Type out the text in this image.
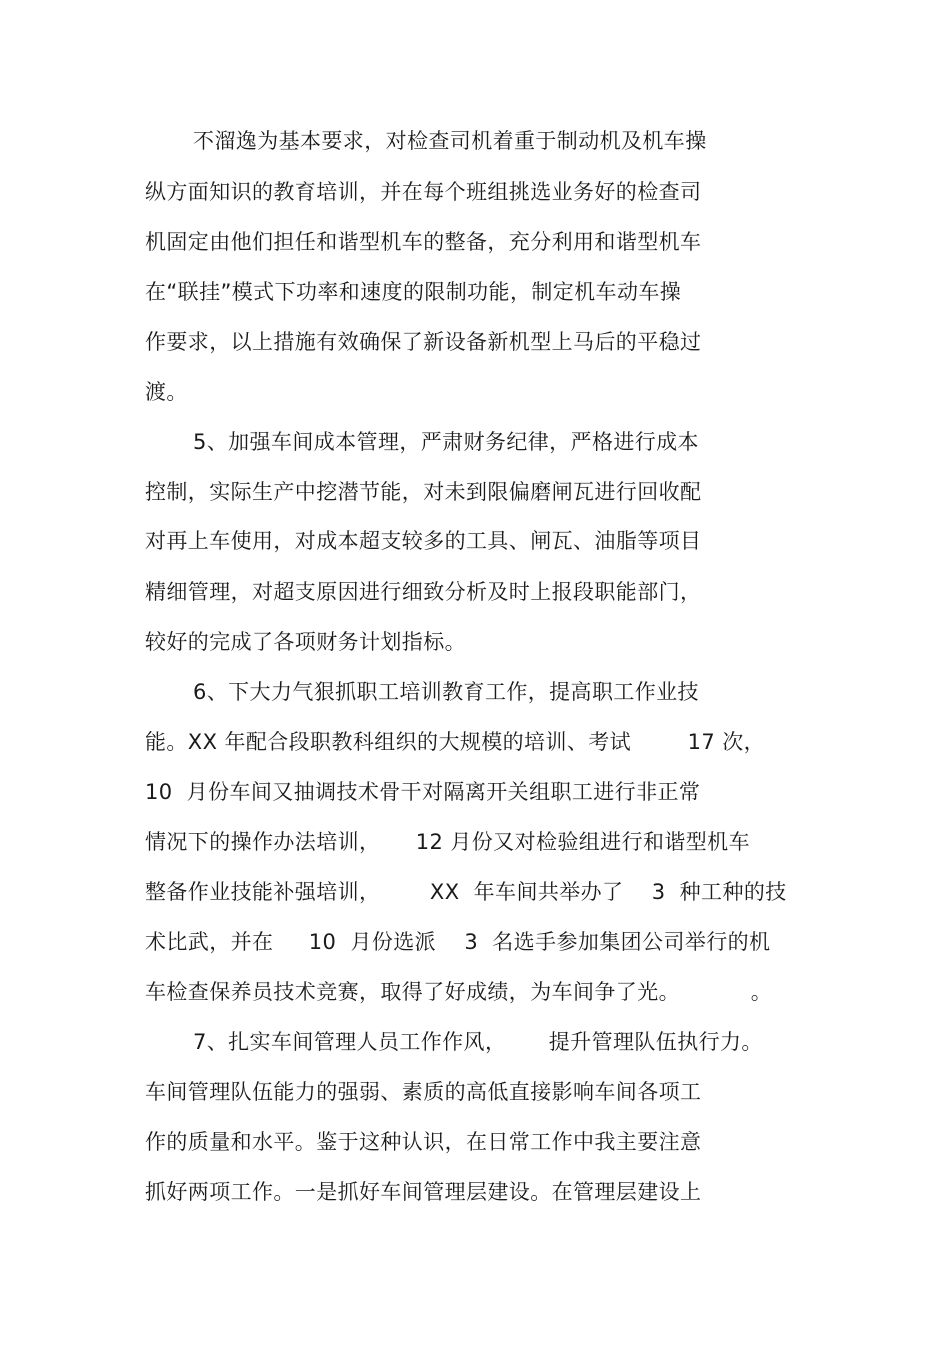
不溜逸为基本要求，对检查司机着重于制动机及机车操
纵方面知识的教育培训，并在每个班组挑选业务好的检查司
机固定由他们担任和谐型机车的整备，充分利用和谐型机车
在“联挂”模式下功率和速度的限制功能，制定机车动车操
作要求，以上措施有效确保了新设备新机型上马后的平稳过
渡。
5、加强车间成本管理，严肃财务纪律，严格进行成本
控制，实际生产中挖潜节能，对未到限偏磨闸瓦进行回收配
对再上车使用，对成本超支较多的工具、闸瓦、油脂等项目
精细管理，对超支原因进行细致分析及时上报段职能部门，
较好的完成了各项财务计划指标。
6、下大力气狠抓职工培训教育工作，提高职工作业技
能。XX 年配合段职教科组织的大规模的培训、考试        17 次，
10  月份车间又抽调技术骨干对隔离开关组职工进行非正常
情况下的操作办法培训，     12 月份又对检验组进行和谐型机车
整备作业技能补强培训，       XX  年车间共举办了    3  种工种的技
术比武，并在     10  月份选派    3  名选手参加集团公司举行的机
车检查保养员技术竞赛，取得了好成绩，为车间争了光。          。
7、扎实车间管理人员工作作风，      提升管理队伍执行力。
车间管理队伍能力的强弱、素质的高低直接影响车间各项工
作的质量和水平。鉴于这种认识，在日常工作中我主要注意
抓好两项工作。一是抓好车间管理层建设。在管理层建设上
